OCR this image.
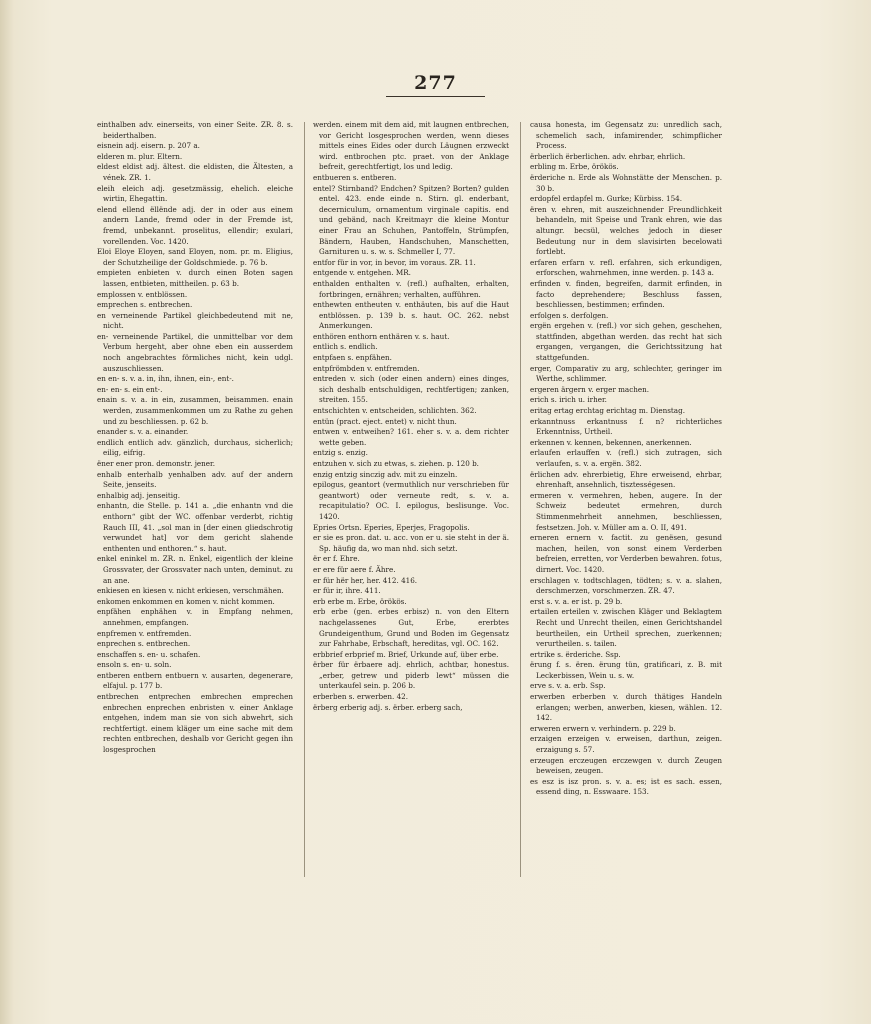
277

einthalben adv. einerseits, von einer Seite. ZR. 8. s. beiderthalben.

eisnein adj. eisern. p. 207 a.

elderen m. plur. Eltern.

eldest eldist adj. ältest. die eldisten, die Ältesten, a vének. ZR. 1.

eleih eleich adj. gesetzmässig, ehelich. eleiche wirtin, Ehegattin.

elend ellend ëllënde adj. der in oder aus einem andern Lande, fremd oder in der Fremde ist, fremd, unbekannt. proselitus, ellendir; exulari, vorellenden. Voc. 1420.

Eloi Eloye Eloyen, sand Eloyen, nom. pr. m. Eligius, der Schutzheilige der Goldschmiede. p. 76 b.

empieten enbieten v. durch einen Boten sagen lassen, entbieten, mittheilen. p. 63 b.

emplossen v. entblössen.

emprechen s. entbrechen.

en verneinende Partikel gleichbedeutend mit ne, nicht.

en- verneinende Partikel, die unmittelbar vor dem Verbum hergeht, aber ohne eben ein ausserdem noch angebrachtes förmliches nicht, kein udgl. auszuschliessen.

en en- s. v. a. in, ihn, ihnen, ein-, ent-.

en- en- s. ein ent-.

enain s. v. a. in ein, zusammen, beisammen. enain werden, zusammenkommen um zu Rathe zu gehen und zu beschliessen. p. 62 b.

enander s. v. a. einander.

endlich entlich adv. gänzlich, durchaus, sicherlich; eilig, eifrig.

ëner ener pron. demonstr. jener.

enhalb enterhalb yenhalben adv. auf der andern Seite, jenseits.

enhalbig adj. jenseitig.

enhantn, die Stelle. p. 141 a. „die enhantn vnd die enthorn“ gibt der WC. offenbar verderbt, richtig Rauch III, 41. „sol man in [der einen gliedschrotig verwundet hat] vor dem gericht slahende enthenten und enthoren.“ s. haut.

enkel eninkel m. ZR. n. Enkel, eigentlich der kleine Grossvater, der Grossvater nach unten, deminut. zu an ane.

enkiesen en kiesen v. nicht erkiesen, verschmähen.

enkomen enkommen en komen v. nicht kommen.

enpfähen enphähen v. in Empfang nehmen, annehmen, empfangen.

enpfremen v. entfremden.

enprechen s. entbrechen.

enschaffen s. en- u. schafen.

ensoln s. en- u. soln.

entberen entbern entbuern v. ausarten, degenerare, elfajul. p. 177 b.

entbrechen entprechen embrechen emprechen enbrechen enprechen enbristen v. einer Anklage entgehen, indem man sie von sich abwehrt, sich rechtfertigt. einem kläger um eine sache mit dem rechten entbrechen, deshalb vor Gericht gegen ihn losgesprochen

werden. einem mit dem aid, mit laugnen entbrechen, vor Gericht losgesprochen werden, wenn dieses mittels eines Eides oder durch Läugnen erzweckt wird. entbrochen ptc. praet. von der Anklage befreit, gerechtfertigt, los und ledig.

entbueren s. entberen.

entel? Stirnband? Endchen? Spitzen? Borten? gulden entel. 423. ende einde n. Stirn. gl. enderbant, decerniculum, ornamentum virginale capitis. end und gebänd, nach Kreitmayr die kleine Montur einer Frau an Schuhen, Pantoffeln, Strümpfen, Bändern, Hauben, Handschuhen, Manschetten, Garnituren u. s. w. s. Schmeller I, 77.

entfor für in vor, in bevor, im voraus. ZR. 11.

entgende v. entgehen. MR.

enthalden enthalten v. (refl.) aufhalten, erhalten, fortbringen, ernähren; verhalten, aufführen.

enthewten entheuten v. enthäuten, bis auf die Haut entblössen. p. 139 b. s. haut. OC. 262. nebst Anmerkungen.

enthören enthorn enthären v. s. haut.

entlich s. endlich.

entpfaen s. enpfähen.

entpfrömbden v. entfremden.

entreden v. sich (oder einen andern) eines dinges, sich deshalb entschuldigen, rechtfertigen; zanken, streiten. 155.

entschichten v. entscheiden, schlichten. 362.

entün (pract. eject. entet) v. nicht thun.

entwen v. entweihen? 161. eher s. v. a. dem richter wette geben.

entzig s. enzig.

entzuhen v. sich zu etwas, s. ziehen. p. 120 b.

enzig entzig sinczig adv. mit zu einzeln.

epilogus, geantort (vermuthlich nur verschrieben für geantwort) oder verneute redt, s. v. a. recapitulatio? OC. I. epilogus, beslisunge. Voc. 1420.

Epries Ortsn. Eperies, Eperjes, Fragopolis.

er sie es pron. dat. u. acc. von er u. sie steht in der ä. Sp. häufig da, wo man nhd. sich setzt.

ër er f. Ehre.

er ere für aere f. Ähre.

er für hër her, her. 412. 416.

er für ir, ihre. 411.

erb erbe m. Erbe, örökös.

erb erbe (gen. erbes erbisz) n. von den Eltern nachgelassenes Gut, Erbe, ererbtes Grundeigenthum, Grund und Boden im Gegensatz zur Fahrhabe, Erbschaft, hereditas, vgl. OC. 162.

erbbrief erbprief m. Brief, Urkunde auf, über erbe.

ërber für ërbaere adj. ehrlich, achtbar, honestus. „erber, getrew und piderb lewt“ müssen die unterkaufel sein. p. 206 b.

erberben s. erwerben. 42.

ërberg erberig adj. s. ërber. erberg sach,

causa honesta, im Gegensatz zu: unredlich sach, schemelich sach, infamirender, schimpflicher Process.

ërberlich ërberlichen. adv. ehrbar, ehrlich.

erbling m. Erbe, örökös.

ërderiche n. Erde als Wohnstätte der Menschen. p. 30 b.

erdopfel erdapfel m. Gurke; Kürbiss. 154.

ëren v. ehren, mit auszeichnender Freundlichkeit behandeln, mit Speise und Trank ehren, wie das altungr. becsül, welches jedoch in dieser Bedeutung nur in dem slavisirten becelowati fortlebt.

erfaren erfarn v. refl. erfahren, sich erkundigen, erforschen, wahrnehmen, inne werden. p. 143 a.

erfinden v. finden, begreifen, darmit erfinden, in facto deprehendere; Beschluss fassen, beschliessen, bestimmen; erfinden.

erfolgen s. derfolgen.

ergën ergehen v. (refl.) vor sich gehen, geschehen, stattfinden, abgethan werden. das recht hat sich ergangen, vergangen, die Gerichtssitzung hat stattgefunden.

erger, Comparativ zu arg, schlechter, geringer im Werthe, schlimmer.

ergeren ärgern v. erger machen.

erich s. irich u. irher.

eritag ertag erchtag erichtag m. Dienstag.

erkanntnuss erkantnuss f. n? richterliches Erkenntniss, Urtheil.

erkennen v. kennen, bekennen, anerkennen.

erlaufen erlauffen v. (refl.) sich zutragen, sich verlaufen, s. v. a. ergën. 382.

ërlichen adv. ehrerbietig, Ehre erweisend, ehrbar, ehrenhaft, ansehnlich, tisztességesen.

ermeren v. vermehren, heben, augere. In der Schweiz bedeutet ermehren, durch Stimmenmehrheit annehmen, beschliessen, festsetzen. Joh. v. Müller am a. O. II, 491.

erneren ernern v. factit. zu genësen, gesund machen, heilen, von sonst einem Verderben befreien, erretten, vor Verderben bewahren. fotus, dirnert. Voc. 1420.

erschlagen v. todtschlagen, tödten; s. v. a. slahen, derschmerzen, vorschmerzen. ZR. 47.

erst s. v. a. er ist. p. 29 b.

ertailen erteilen v. zwischen Kläger und Beklagtem Recht und Unrecht theilen, einen Gerichtshandel beurtheilen, ein Urtheil sprechen, zuerkennen; verurtheilen. s. tailen.

ertrike s. ërderiche. Ssp.

ërung f. s. ëren. ërung tün, gratificari, z. B. mit Leckerbissen, Wein u. s. w.

erve s. v. a. erb. Ssp.

erwerben erberben v. durch thätiges Handeln erlangen; werben, anwerben, kiesen, wählen. 12. 142.

erweren erwern v. verhindern. p. 229 b.

erzaigen erzeigen v. erweisen, darthun, zeigen. erzaigung s. 57.

erzeugen erczeugen erczewgen v. durch Zeugen beweisen, zeugen.

es esz is isz pron. s. v. a. es; ist es sach. essen, essend ding, n. Esswaare. 153.
